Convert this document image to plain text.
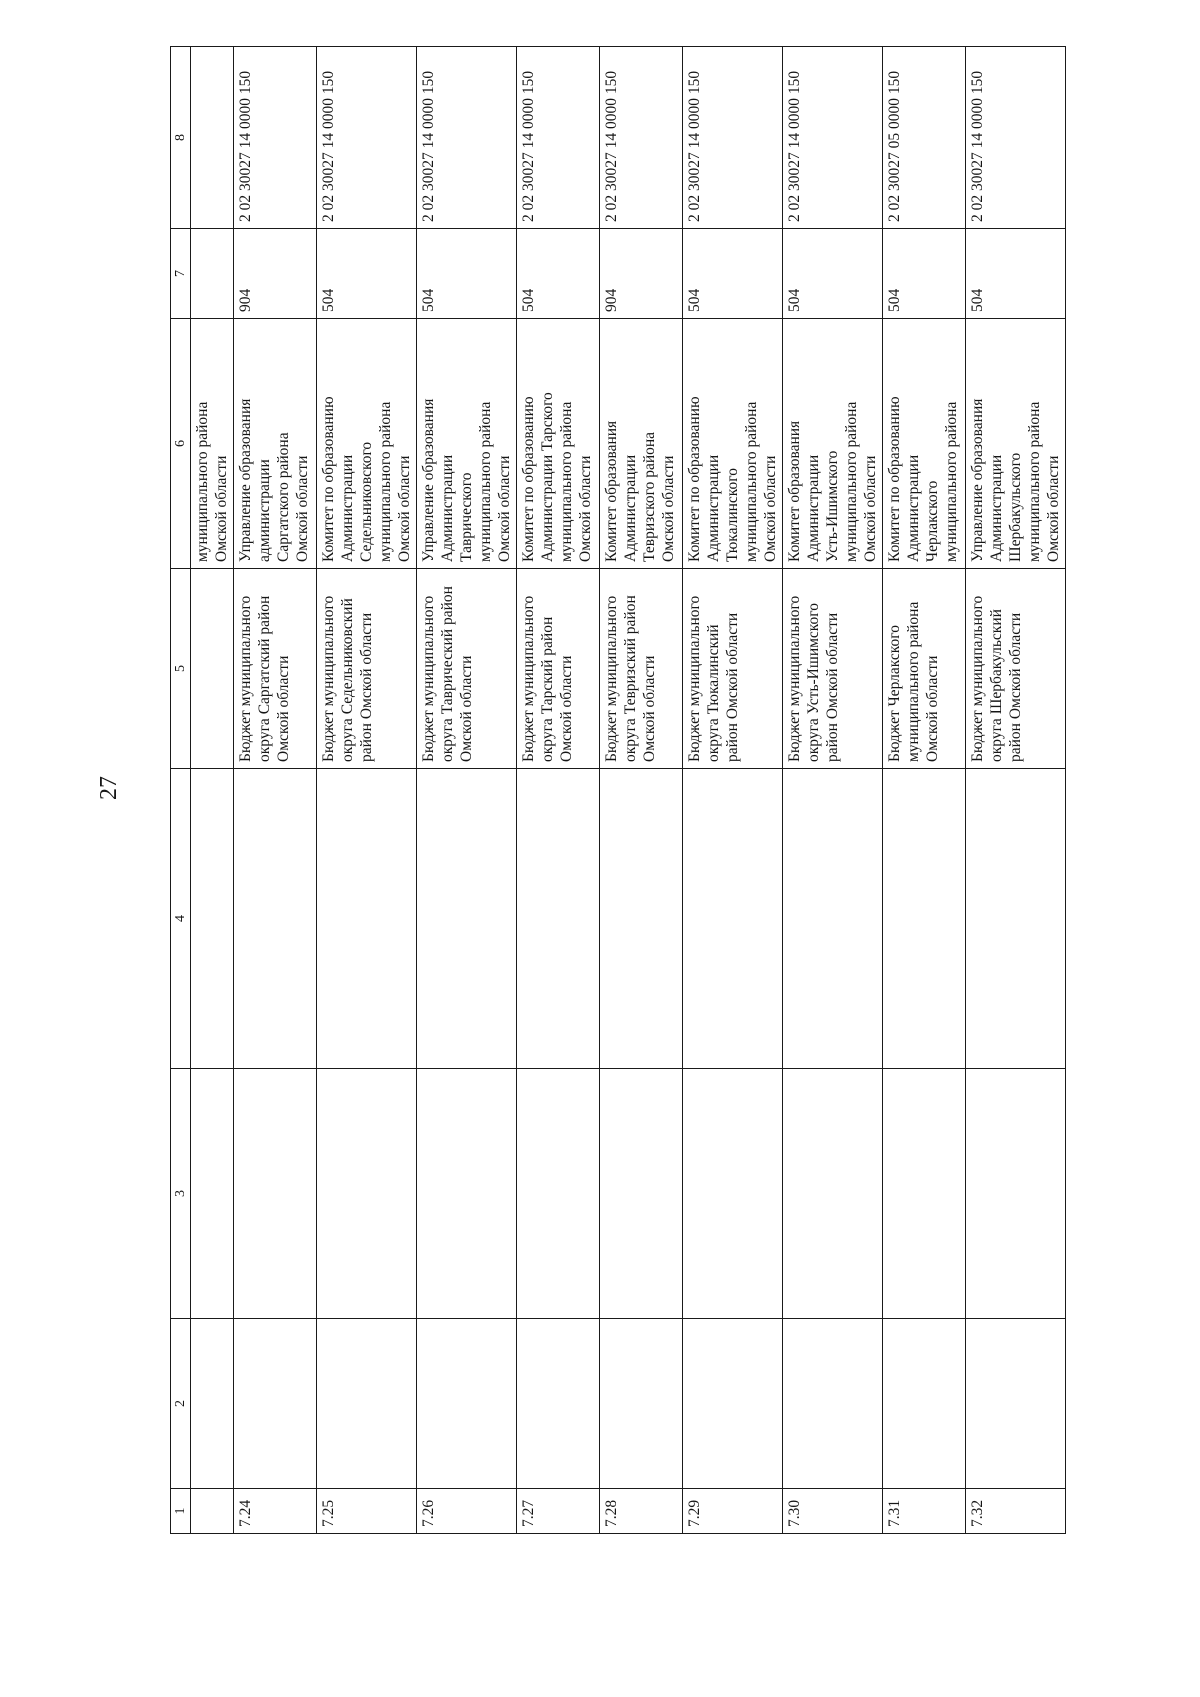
27
1	2	3	4	5	6	7	8
					муниципального района
Омской области		
7.24				Бюджет муниципального
округа Саргатский район
Омской области	Управление образования
администрации
Саргатского района
Омской области	904	2 02 30027 14 0000 150
7.25				Бюджет муниципального
округа Седельниковский
район Омской области	Комитет по образованию
Администрации
Седельниковского
муниципального района
Омской области	504	2 02 30027 14 0000 150
7.26				Бюджет муниципального
округа Таврический район
Омской области	Управление образования
Администрации
Таврического
муниципального района
Омской области	504	2 02 30027 14 0000 150
7.27				Бюджет муниципального
округа Тарский район
Омской области	Комитет по образованию
Администрации Тарского
муниципального района
Омской области	504	2 02 30027 14 0000 150
7.28				Бюджет муниципального
округа Тевризский район
Омской области	Комитет образования
Администрации
Тевризского района
Омской области	904	2 02 30027 14 0000 150
7.29				Бюджет муниципального
округа Тюкалинский
район Омской области	Комитет по образованию
Администрации
Тюкалинского
муниципального района
Омской области	504	2 02 30027 14 0000 150
7.30				Бюджет муниципального
округа Усть-Ишимского
район Омской области	Комитет образования
Администрации
Усть-Ишимского
муниципального района
Омской области	504	2 02 30027 14 0000 150
7.31				Бюджет Черлакского
муниципального района
Омской области	Комитет по образованию
Администрации
Черлакского
муниципального района	504	2 02 30027 05 0000 150
7.32				Бюджет муниципального
округа Шербакульский
район Омской области	Управление образования
Администрации
Шербакульского
муниципального района
Омской области	504	2 02 30027 14 0000 150
